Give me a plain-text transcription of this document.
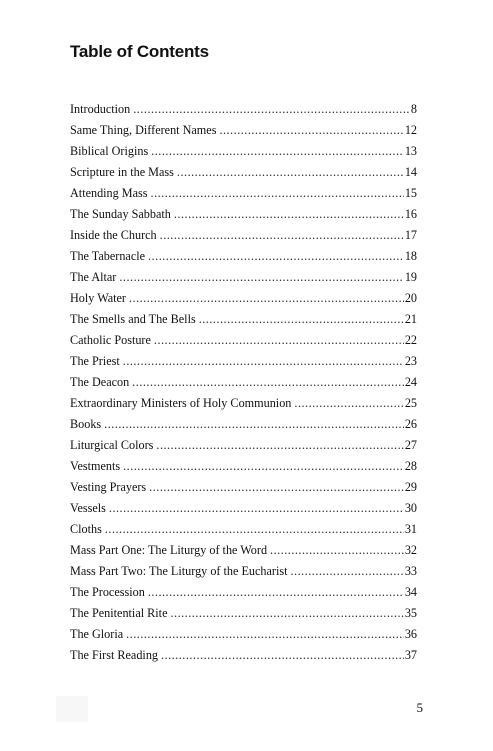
Table of Contents
Introduction .....	8
Same Thing, Different Names .....	12
Biblical Origins .....	13
Scripture in the Mass .....	14
Attending Mass .....	15
The Sunday Sabbath .....	16
Inside the Church .....	17
The Tabernacle .....	18
The Altar .....	19
Holy Water .....	20
The Smells and The Bells .....	21
Catholic Posture .....	22
The Priest .....	23
The Deacon .....	24
Extraordinary Ministers of Holy Communion .....	25
Books .....	26
Liturgical Colors .....	27
Vestments .....	28
Vesting Prayers .....	29
Vessels .....	30
Cloths .....	31
Mass Part One: The Liturgy of the Word .....	32
Mass Part Two: The Liturgy of the Eucharist .....	33
The Procession .....	34
The Penitential Rite .....	35
The Gloria .....	36
The First Reading .....	37
5
